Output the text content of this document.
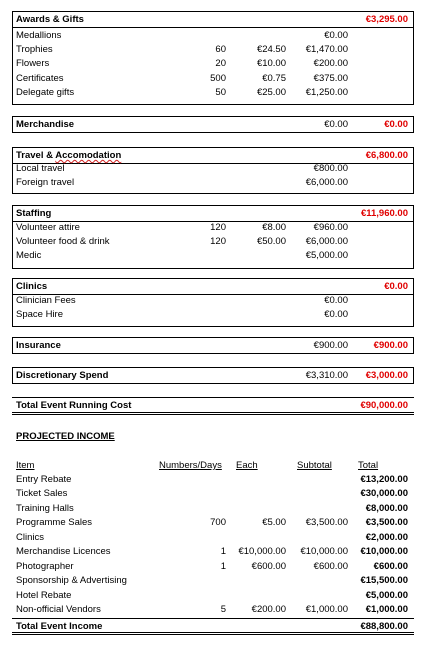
Awards & Gifts	€3,295.00
Medallions	€0.00
Trophies	60	€24.50 €1,470.00
Flowers	20	€10.00	€200.00
Certificates	500	€0.75	€375.00
Delegate gifts	50	€25.00 €1,250.00
Merchandise	€0.00	€0.00
Travel & Accomodation	€6,800.00
Local travel	€800.00
Foreign travel	€6,000.00
Staffing	€11,960.00
Volunteer attire	120	€8.00	€960.00
Volunteer food & drink	120	€50.00 €6,000.00
Medic	€5,000.00
Clinics	€0.00
Clinician Fees	€0.00
Space Hire	€0.00
Insurance	€900.00	€900.00
Discretionary Spend	€3,310.00 €3,000.00
Total Event Running Cost	€90,000.00
PROJECTED INCOME
Item	Numbers/Days Each	Subtotal	Total
Entry Rebate	€13,200.00
Ticket Sales	€30,000.00
Training Halls	€8,000.00
Programme Sales	700	€5.00 €3,500.00 €3,500.00
Clinics	€2,000.00
Merchandise Licences	1 €10,000.00 €10,000.00 €10,000.00
Photographer	1	€600.00	€600.00	€600.00
Sponsorship & Advertising	€15,500.00
Hotel Rebate	€5,000.00
Non-official Vendors	5	€200.00 €1,000.00 €1,000.00
Total Event Income	€88,800.00
